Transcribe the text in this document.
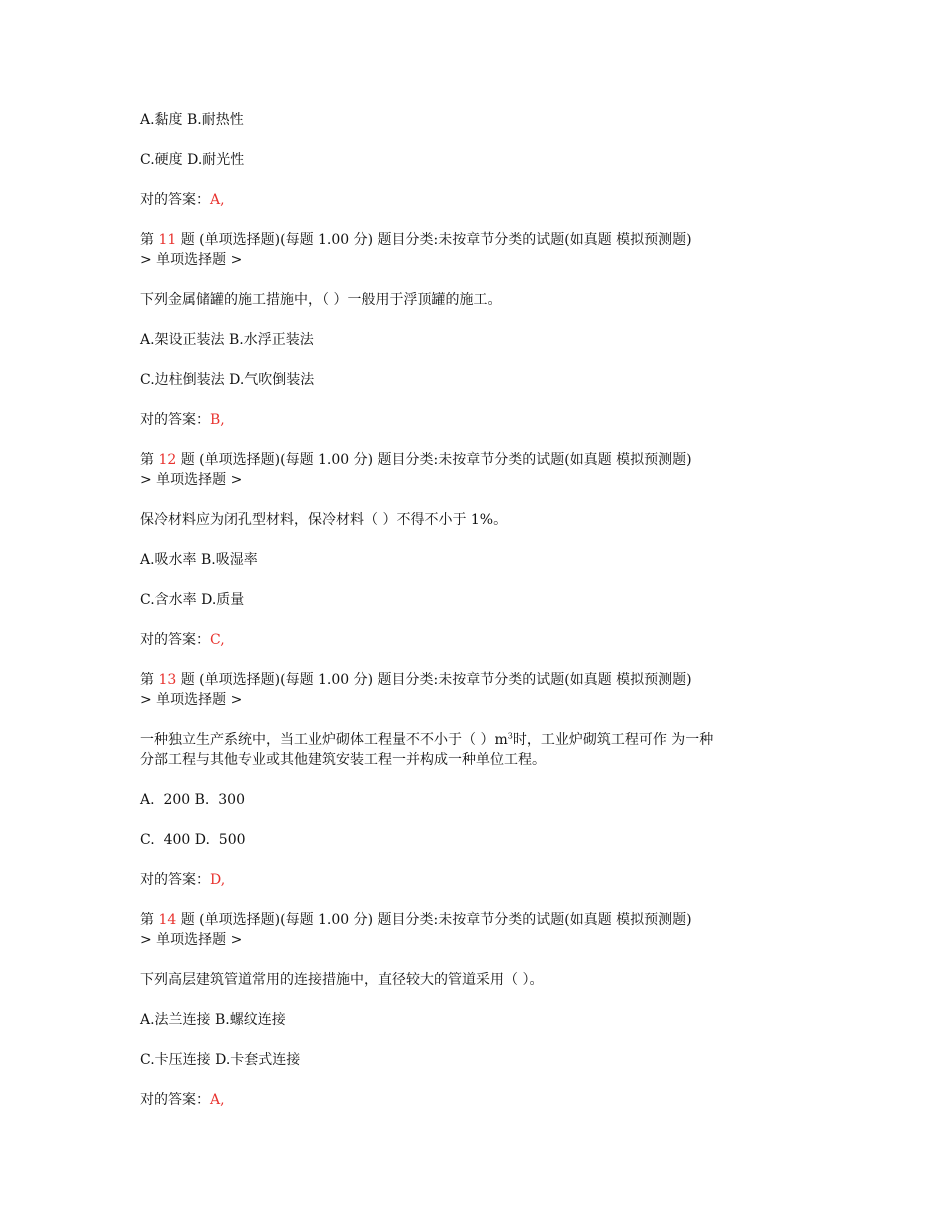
A.黏度 B.耐热性

C.硬度 D.耐光性

对的答案：A,

第 11 题 (单项选择题)(每题 1.00 分) 题目分类:未按章节分类的试题(如真题 模拟预测题)

> 单项选择题 >

下列金属储罐的施工措施中，（ ）一般用于浮顶罐的施工。

A.架设正装法 B.水浮正装法

C.边柱倒装法 D.气吹倒装法

对的答案：B,

第 12 题 (单项选择题)(每题 1.00 分) 题目分类:未按章节分类的试题(如真题 模拟预测题)

> 单项选择题 >

保冷材料应为闭孔型材料，保冷材料（ ）不得不小于 1%。

A.吸水率 B.吸湿率

C.含水率 D.质量

对的答案：C,

第 13 题 (单项选择题)(每题 1.00 分) 题目分类:未按章节分类的试题(如真题 模拟预测题)

> 单项选择题 >

一种独立生产系统中，当工业炉砌体工程量不不小于（ ）$m^3$时，工业炉砌筑工程可作 为一种

分部工程与其他专业或其他建筑安装工程一并构成一种单位工程。

A.  200 B.  300

C.  400 D.  500

对的答案：D,

第 14 题 (单项选择题)(每题 1.00 分) 题目分类:未按章节分类的试题(如真题 模拟预测题)

> 单项选择题 >

下列高层建筑管道常用的连接措施中，直径较大的管道采用（ ）。

A.法兰连接 B.螺纹连接

C.卡压连接 D.卡套式连接

对的答案：A,
